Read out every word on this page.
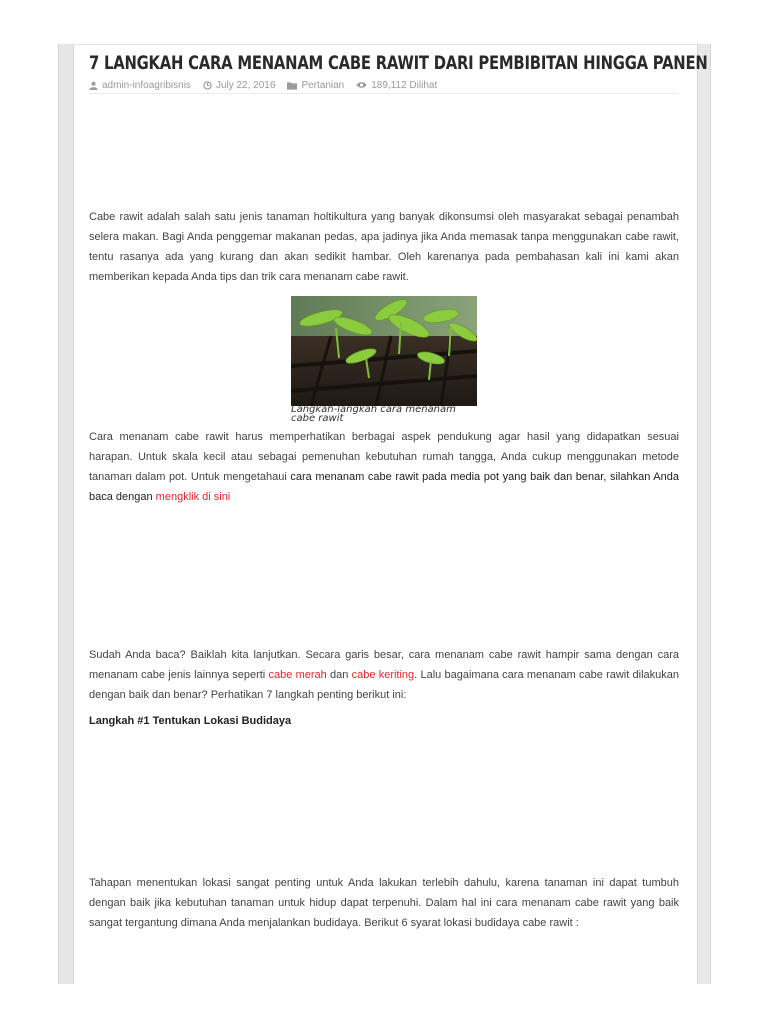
7 LANGKAH CARA MENANAM CABE RAWIT DARI PEMBIBITAN HINGGA PANEN
admin-infoagribisnis	July 22, 2016	Pertanian	189,112 Dilihat

Cabe rawit adalah salah satu jenis tanaman holtikultura yang banyak dikonsumsi oleh masyarakat sebagai penambah selera makan. Bagi Anda penggemar makanan pedas, apa jadinya jika Anda memasak tanpa menggunakan cabe rawit, tentu rasanya ada yang kurang dan akan sedikit hambar. Oleh karenanya pada pembahasan kali ini kami akan memberikan kepada Anda tips dan trik cara menanam cabe rawit.

Langkah-langkah cara menanam cabe rawit

Cara menanam cabe rawit harus memperhatikan berbagai aspek pendukung agar hasil yang didapatkan sesuai harapan. Untuk skala kecil atau sebagai pemenuhan kebutuhan rumah tangga, Anda cukup menggunakan metode tanaman dalam pot. Untuk mengetahaui cara menanam cabe rawit pada media pot yang baik dan benar, silahkan Anda baca dengan mengklik di sini

Sudah Anda baca? Baiklah kita lanjutkan. Secara garis besar, cara menanam cabe rawit hampir sama dengan cara menanam cabe jenis lainnya seperti cabe merah dan cabe keriting. Lalu bagaimana cara menanam cabe rawit dilakukan dengan baik dan benar? Perhatikan 7 langkah penting berikut ini:

Langkah #1 Tentukan Lokasi Budidaya

Tahapan menentukan lokasi sangat penting untuk Anda lakukan terlebih dahulu, karena tanaman ini dapat tumbuh dengan baik jika kebutuhan tanaman untuk hidup dapat terpenuhi. Dalam hal ini cara menanam cabe rawit yang baik sangat tergantung dimana Anda menjalankan budidaya. Berikut 6 syarat lokasi budidaya cabe rawit :
